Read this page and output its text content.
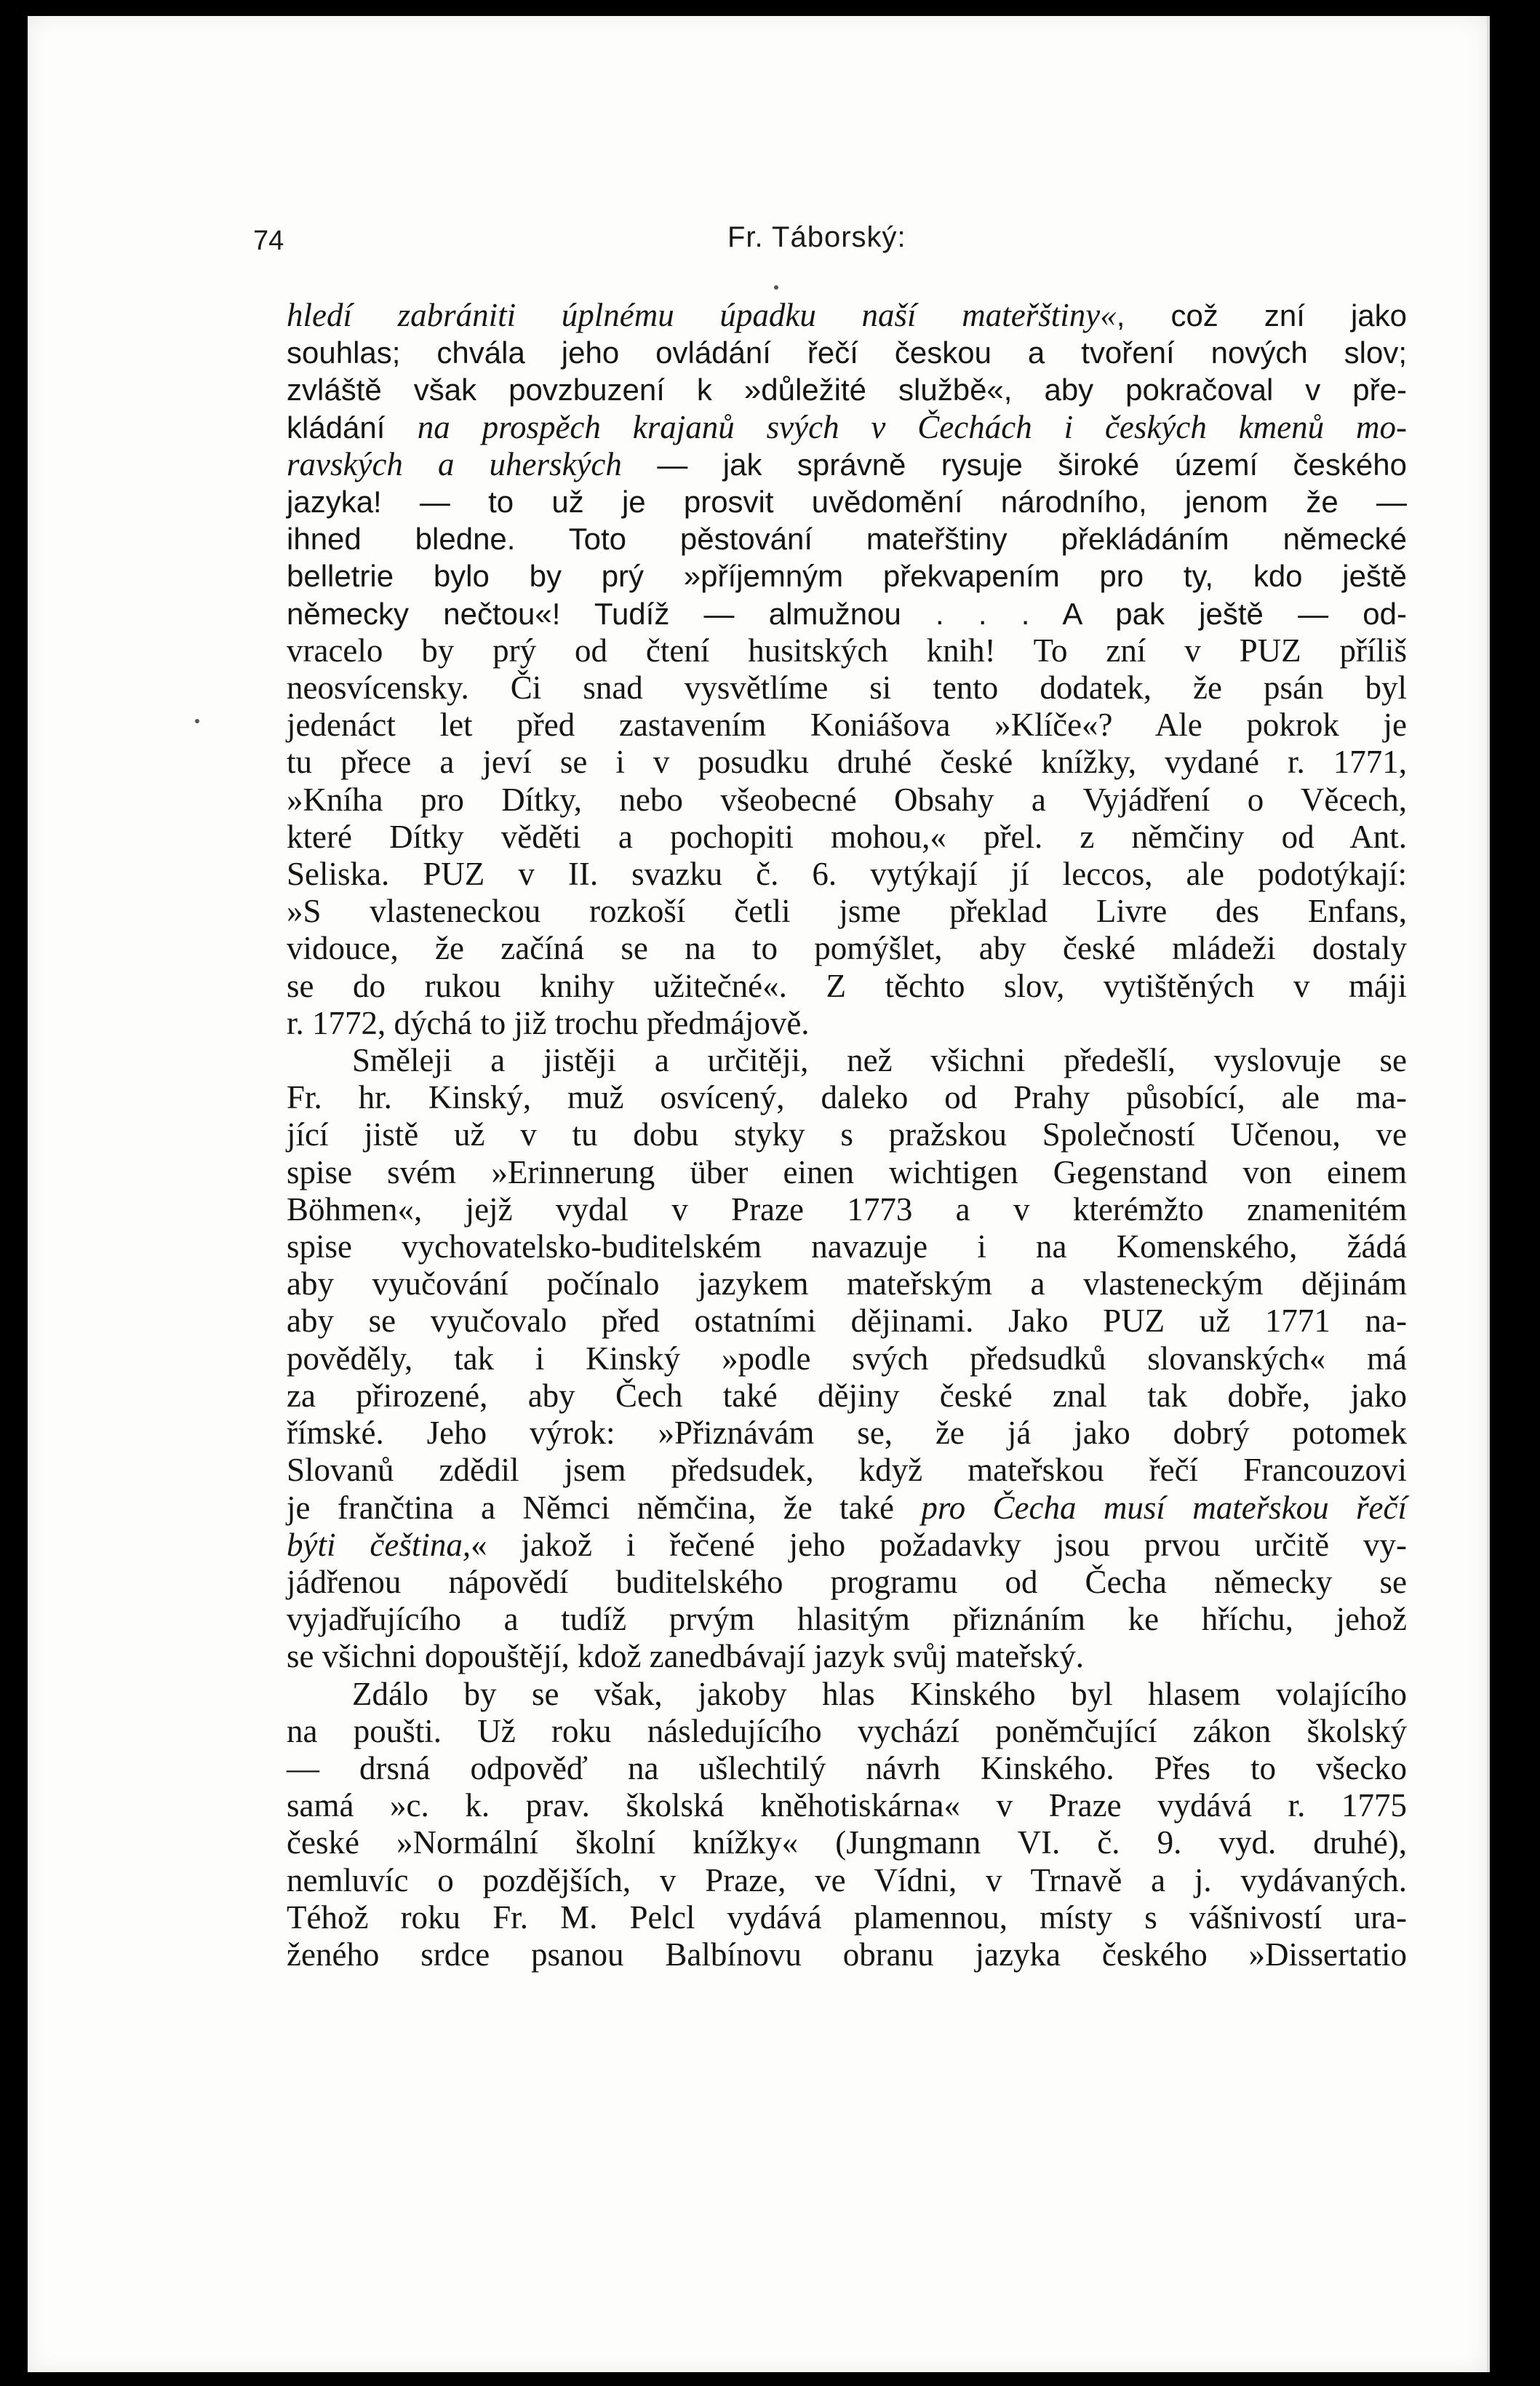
74	Fr. Táborský:
hledí zabrániti úplnému úpadku naší mateřštiny«, což zní jako
souhlas; chvála jeho ovládání řečí českou a tvoření nových slov;
zvláště však povzbuzení k »důležité službě«, aby pokračoval v pře-
kládání na prospěch krajanů svých v Čechách i českých kmenů mo-
ravských a uherských — jak správně rysuje široké území českého
jazyka! — to už je prosvit uvědomění národního, jenom že —
ihned bledne. Toto pěstování mateřštiny překládáním německé
belletrie bylo by prý »příjemným překvapením pro ty, kdo ještě
německy nečtou«! Tudíž — almužnou . . . A pak ještě — od-
vracelo by prý od čtení husitských knih! To zní v PUZ příliš
neosvícensky. Či snad vysvětlíme si tento dodatek, že psán byl
jedenáct let před zastavením Koniášova »Klíče«? Ale pokrok je
tu přece a jeví se i v posudku druhé české knížky, vydané r. 1771,
»Kníha pro Dítky, nebo všeobecné Obsahy a Vyjádření o Věcech,
které Dítky věděti a pochopiti mohou,« přel. z němčiny od Ant.
Seliska. PUZ v II. svazku č. 6. vytýkají jí leccos, ale podotýkají:
»S vlasteneckou rozkoší četli jsme překlad Livre des Enfans,
vidouce, že začíná se na to pomýšlet, aby české mládeži dostaly
se do rukou knihy užitečné«. Z těchto slov, vytištěných v máji
r. 1772, dýchá to již trochu předmájově.
Směleji a jistěji a určitěji, než všichni předešlí, vyslovuje se
Fr. hr. Kinský, muž osvícený, daleko od Prahy působící, ale ma-
jící jistě už v tu dobu styky s pražskou Společností Učenou, ve
spise svém »Erinnerung über einen wichtigen Gegenstand von einem
Böhmen«, jejž vydal v Praze 1773 a v kterémžto znamenitém
spise vychovatelsko-buditelském navazuje i na Komenského, žádá
aby vyučování počínalo jazykem mateřským a vlasteneckým dějinám
aby se vyučovalo před ostatními dějinami. Jako PUZ už 1771 na-
pověděly, tak i Kinský »podle svých předsudků slovanských« má
za přirozené, aby Čech také dějiny české znal tak dobře, jako
římské. Jeho výrok: »Přiznávám se, že já jako dobrý potomek
Slovanů zdědil jsem předsudek, když mateřskou řečí Francouzovi
je frančtina a Němci němčina, že také pro Čecha musí mateřskou řečí
býti čeština,« jakož i řečené jeho požadavky jsou prvou určitě vy-
jádřenou nápovědí buditelského programu od Čecha německy se
vyjadřujícího a tudíž prvým hlasitým přiznáním ke hříchu, jehož
se všichni dopouštějí, kdož zanedbávají jazyk svůj mateřský.
Zdálo by se však, jakoby hlas Kinského byl hlasem volajícího
na poušti. Už roku následujícího vychází poněmčující zákon školský
— drsná odpověď na ušlechtilý návrh Kinského. Přes to všecko
samá »c. k. prav. školská kněhotiskárna« v Praze vydává r. 1775
české »Normální školní knížky« (Jungmann VI. č. 9. vyd. druhé),
nemluvíc o pozdějších, v Praze, ve Vídni, v Trnavě a j. vydávaných.
Téhož roku Fr. M. Pelcl vydává plamennou, místy s vášnivostí ura-
ženého srdce psanou Balbínovu obranu jazyka českého »Dissertatio
